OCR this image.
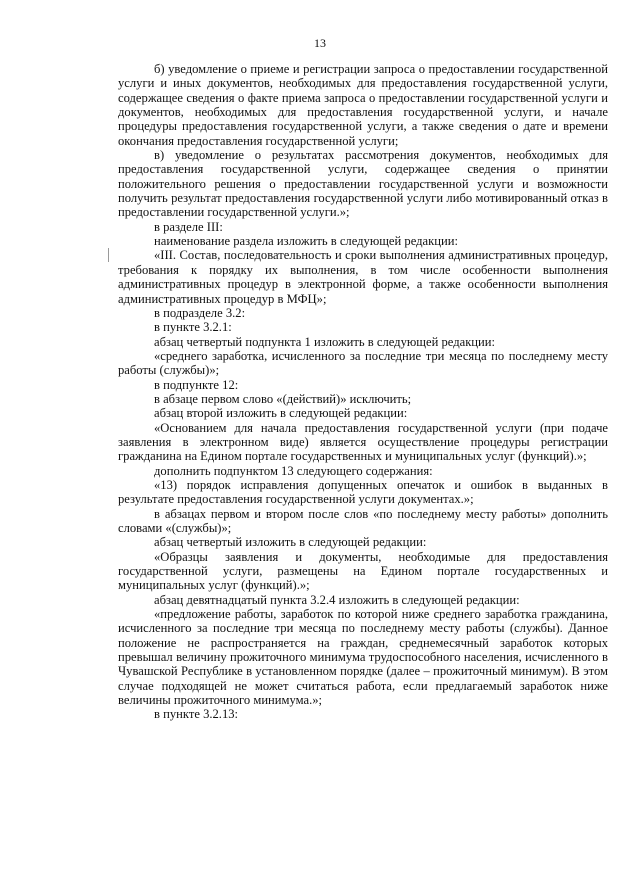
13

б) уведомление о приеме и регистрации запроса о предоставлении государственной услуги и иных документов, необходимых для предоставления государственной услуги, содержащее сведения о факте приема запроса о предоставлении государственной услуги и документов, необходимых для предоставления государственной услуги, и начале процедуры предоставления государственной услуги, а также сведения о дате и времени окончания предоставления государственной услуги;

в) уведомление о результатах рассмотрения документов, необходимых для предоставления государственной услуги, содержащее сведения о принятии положительного решения о предоставлении государственной услуги и возможности получить результат предоставления государственной услуги либо мотивированный отказ в предоставлении государственной услуги.»;

в разделе III:

наименование раздела изложить в следующей редакции:

«III. Состав, последовательность и сроки выполнения административных процедур, требования к порядку их выполнения, в том числе особенности выполнения административных процедур в электронной форме, а также особенности выполнения административных процедур в МФЦ»;

в подразделе 3.2:

в пункте 3.2.1:

абзац четвертый подпункта 1 изложить в следующей редакции:

«среднего заработка, исчисленного за последние три месяца по последнему месту работы (службы)»;

в подпункте 12:

в абзаце первом слово «(действий)» исключить;

абзац второй изложить в следующей редакции:

«Основанием для начала предоставления государственной услуги (при подаче заявления в электронном виде) является осуществление процедуры регистрации гражданина на Едином портале государственных и муниципальных услуг (функций).»;

дополнить подпунктом 13 следующего содержания:

«13) порядок исправления допущенных опечаток и ошибок в выданных в результате предоставления государственной услуги документах.»;

в абзацах первом и втором после слов «по последнему месту работы» дополнить словами «(службы)»;

абзац четвертый изложить в следующей редакции:

«Образцы заявления и документы, необходимые для предоставления государственной услуги, размещены на Едином портале государственных и муниципальных услуг (функций).»;

абзац девятнадцатый пункта 3.2.4 изложить в следующей редакции:

«предложение работы, заработок по которой ниже среднего заработка гражданина, исчисленного за последние три месяца по последнему месту работы (службы). Данное положение не распространяется на граждан, среднемесячный заработок которых превышал величину прожиточного минимума трудоспособного населения, исчисленного в Чувашской Республике в установленном порядке (далее – прожиточный минимум). В этом случае подходящей не может считаться работа, если предлагаемый заработок ниже величины прожиточного минимума.»;

в пункте 3.2.13:
